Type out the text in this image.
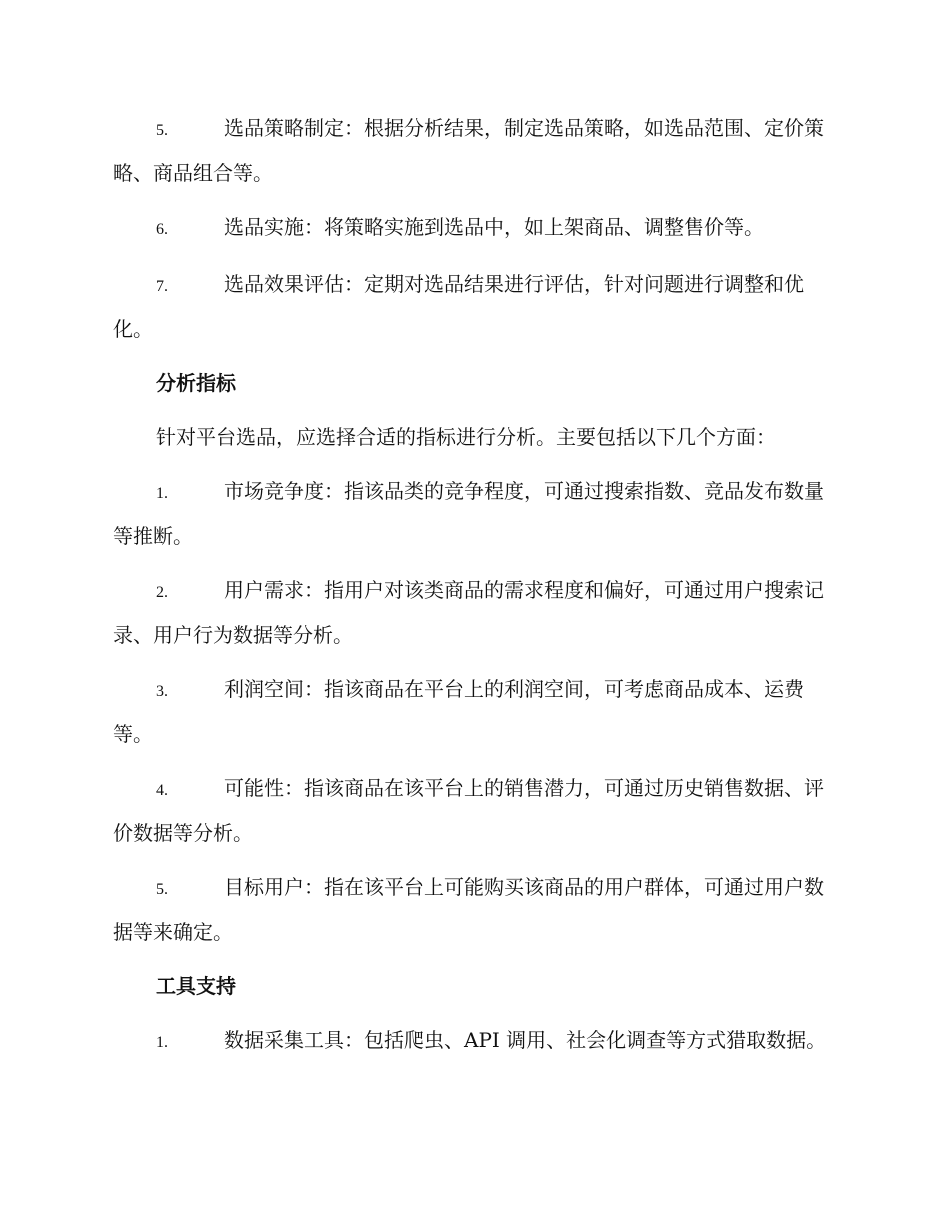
5.	选品策略制定：根据分析结果，制定选品策略，如选品范围、定价策略、商品组合等。

6.	选品实施：将策略实施到选品中，如上架商品、调整售价等。

7.	选品效果评估：定期对选品结果进行评估，针对问题进行调整和优化。

分析指标

针对平台选品，应选择合适的指标进行分析。主要包括以下几个方面：

1.	市场竞争度：指该品类的竞争程度，可通过搜索指数、竞品发布数量等推断。

2.	用户需求：指用户对该类商品的需求程度和偏好，可通过用户搜索记录、用户行为数据等分析。

3.	利润空间：指该商品在平台上的利润空间，可考虑商品成本、运费等。

4.	可能性：指该商品在该平台上的销售潜力，可通过历史销售数据、评价数据等分析。

5.	目标用户：指在该平台上可能购买该商品的用户群体，可通过用户数据等来确定。

工具支持

1.	数据采集工具：包括爬虫、API 调用、社会化调查等方式猎取数据。
